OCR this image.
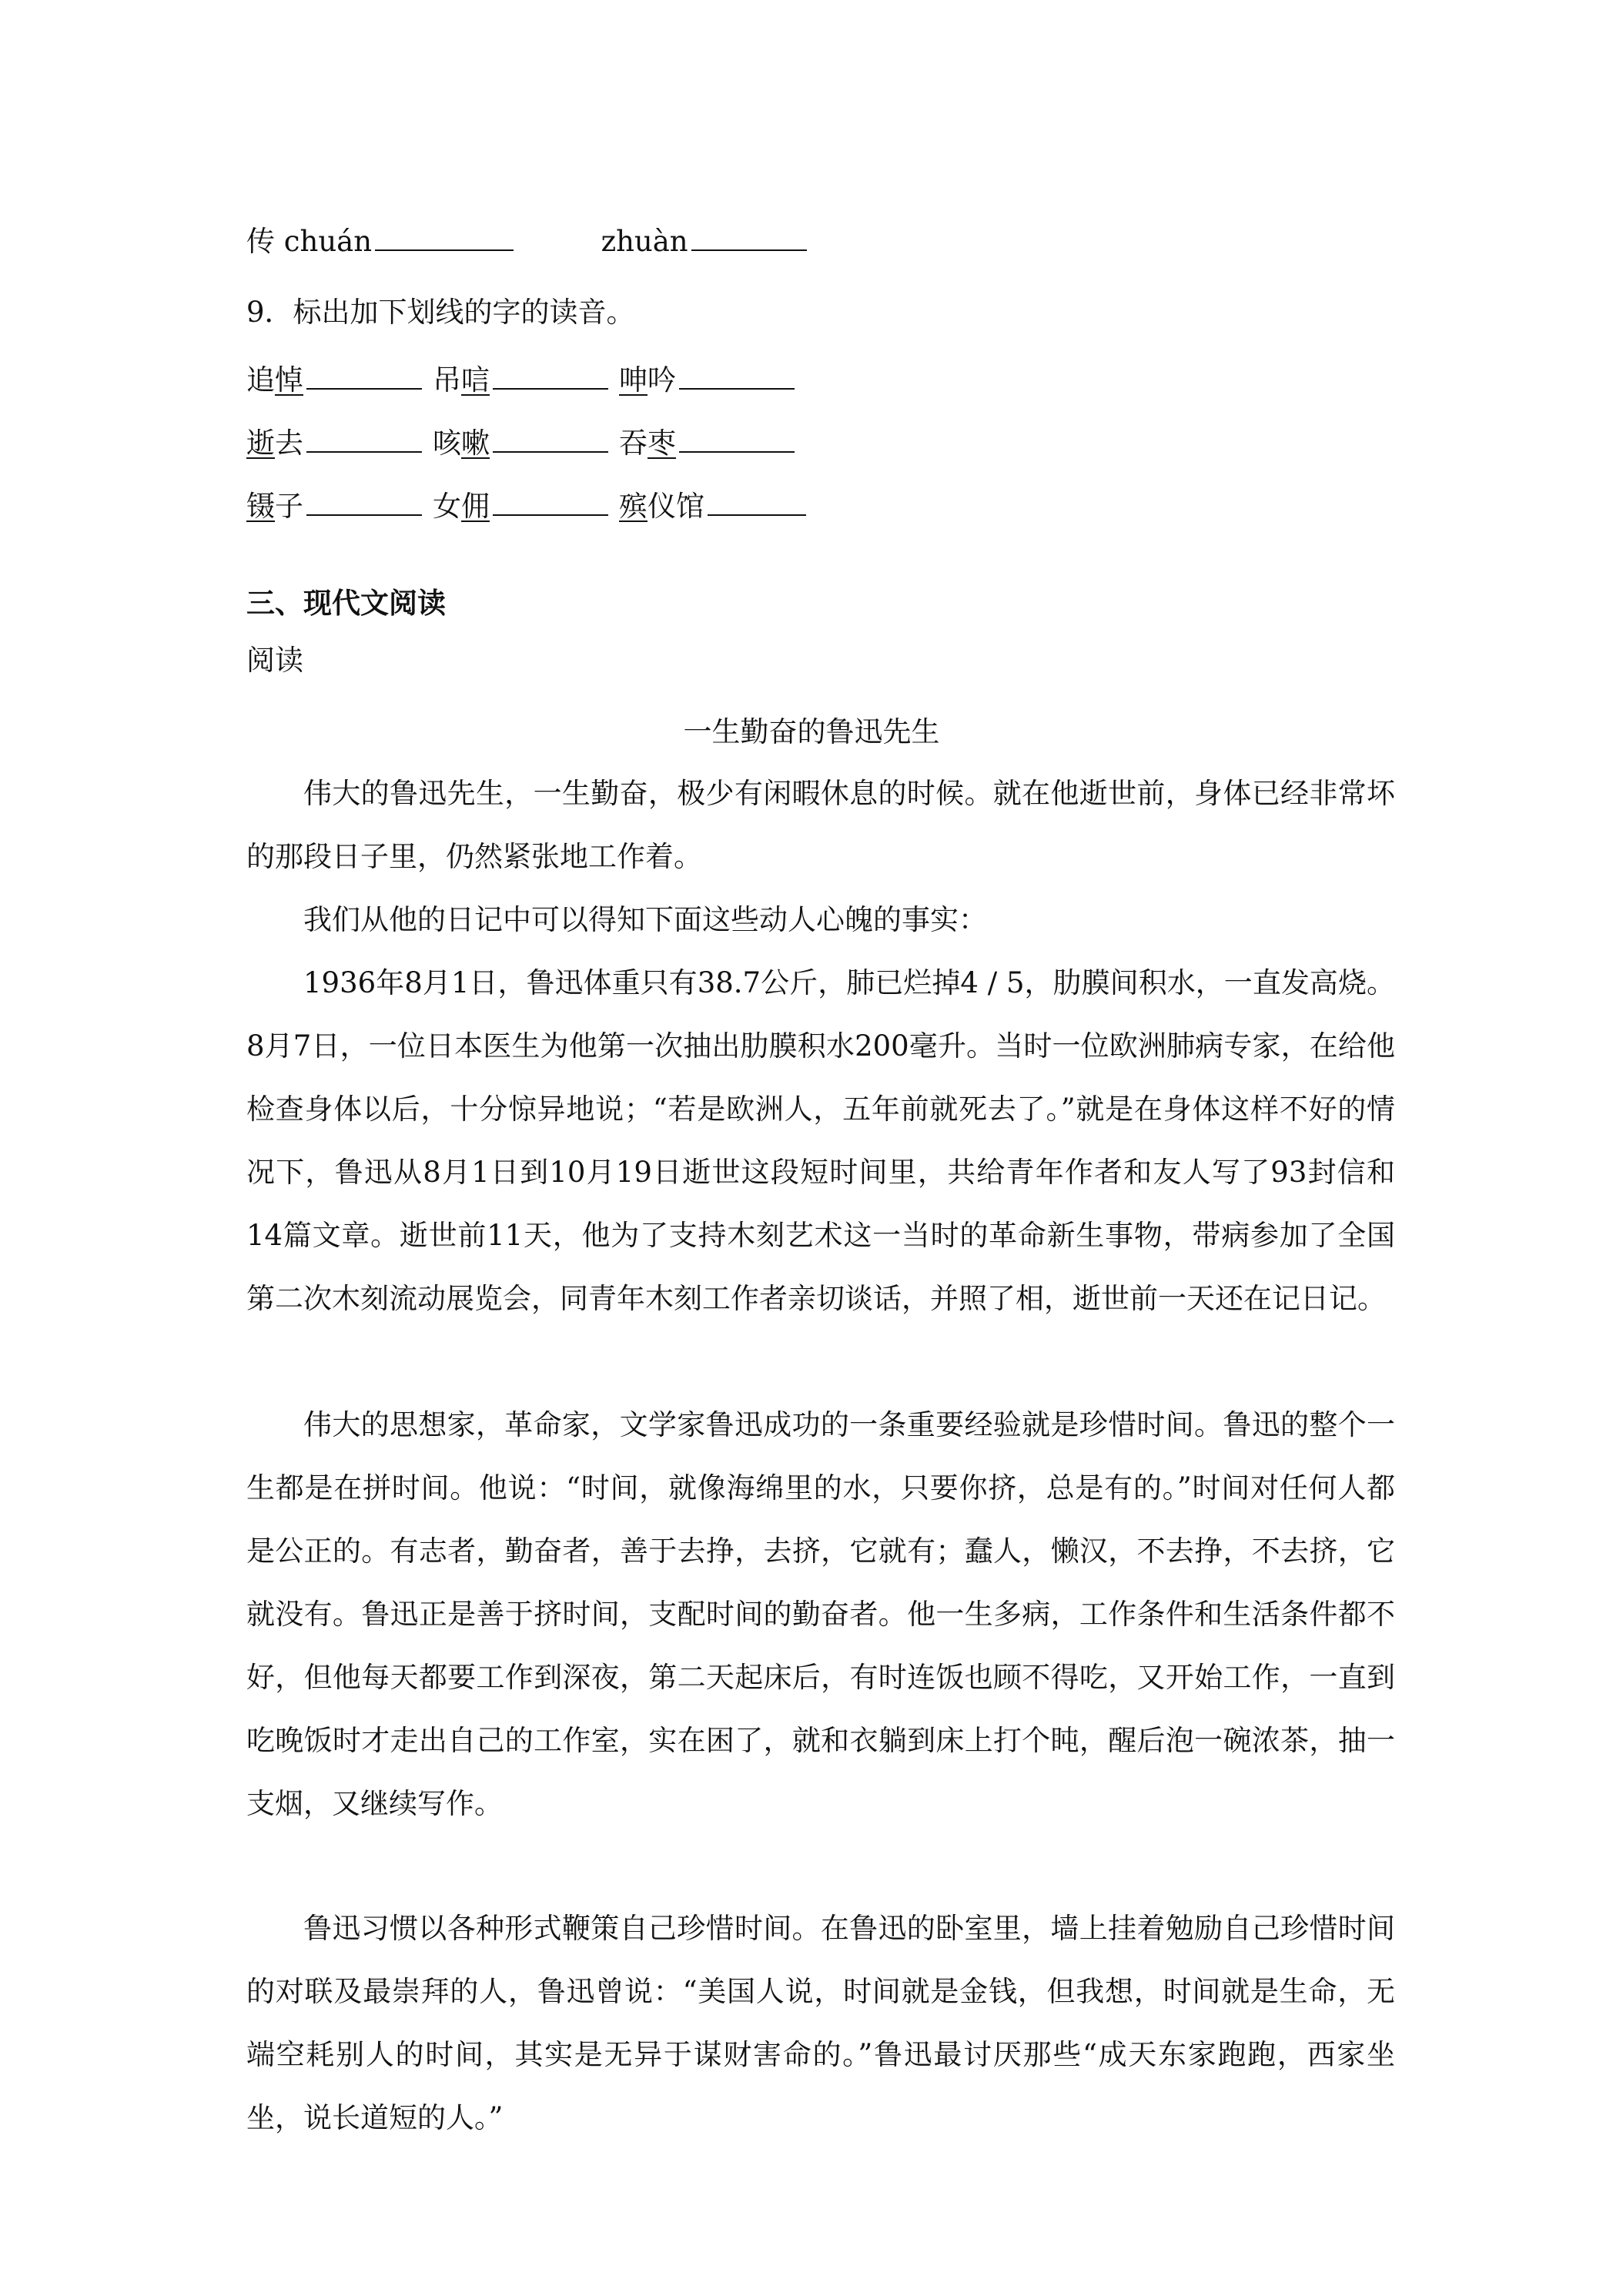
传 chuán	zhuàn
9．标出加下划线的字的读音。
追悼	吊唁	呻吟
逝去	咳嗽	吞枣
镊子	女佣	殡仪馆
三、现代文阅读
阅读
一生勤奋的鲁迅先生

伟大的鲁迅先生，一生勤奋，极少有闲暇休息的时候。就在他逝世前，身体已经非常坏的那段日子里，仍然紧张地工作着。

我们从他的日记中可以得知下面这些动人心魄的事实：

1936年8月1日，鲁迅体重只有38.7公斤，肺已烂掉4 / 5，肋膜间积水，一直发高烧。8月7日，一位日本医生为他第一次抽出肋膜积水200毫升。当时一位欧洲肺病专家，在给他检查身体以后，十分惊异地说；“若是欧洲人，五年前就死去了。”就是在身体这样不好的情况下，鲁迅从8月1日到10月19日逝世这段短时间里，共给青年作者和友人写了93封信和14篇文章。逝世前11天，他为了支持木刻艺术这一当时的革命新生事物，带病参加了全国第二次木刻流动展览会，同青年木刻工作者亲切谈话，并照了相，逝世前一天还在记日记。

伟大的思想家，革命家，文学家鲁迅成功的一条重要经验就是珍惜时间。鲁迅的整个一生都是在拼时间。他说：“时间，就像海绵里的水，只要你挤，总是有的。”时间对任何人都是公正的。有志者，勤奋者，善于去挣，去挤，它就有；蠢人，懒汉，不去挣，不去挤，它就没有。鲁迅正是善于挤时间，支配时间的勤奋者。他一生多病，工作条件和生活条件都不好，但他每天都要工作到深夜，第二天起床后，有时连饭也顾不得吃，又开始工作，一直到吃晚饭时才走出自己的工作室，实在困了，就和衣躺到床上打个盹，醒后泡一碗浓茶，抽一支烟，又继续写作。

鲁迅习惯以各种形式鞭策自己珍惜时间。在鲁迅的卧室里，墙上挂着勉励自己珍惜时间的对联及最崇拜的人，鲁迅曾说：“美国人说，时间就是金钱，但我想，时间就是生命，无端空耗别人的时间，其实是无异于谋财害命的。”鲁迅最讨厌那些“成天东家跑跑，西家坐坐，说长道短的人。”
